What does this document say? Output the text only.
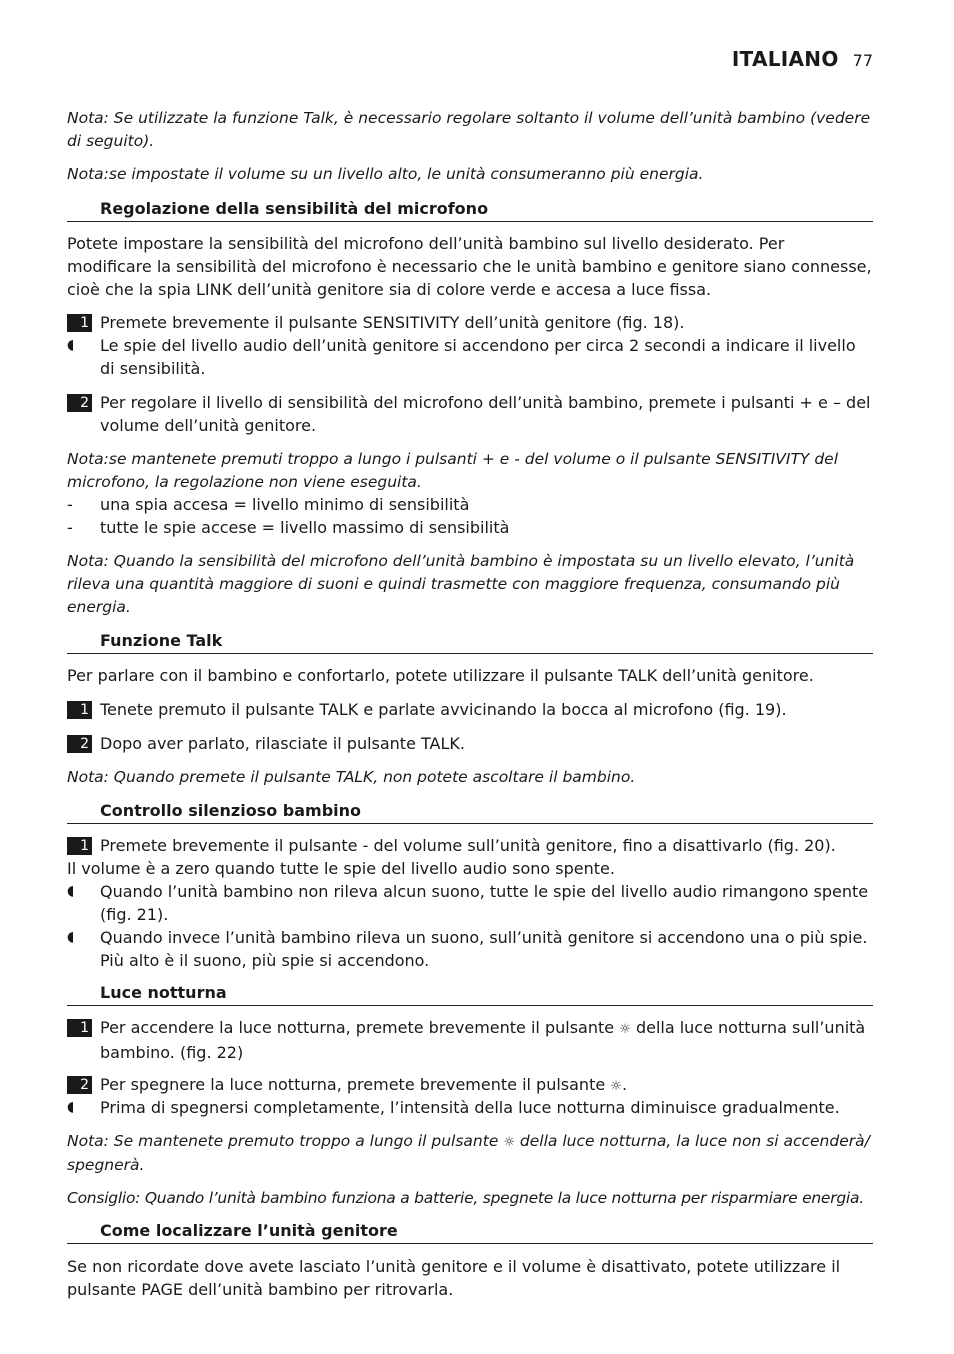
ITALIANO 77
Nota: Se utilizzate la funzione Talk, è necessario regolare soltanto il volume dell’unità bambino (vedere di seguito).
Nota:se impostate il volume su un livello alto, le unità consumeranno più energia.
Regolazione della sensibilità del microfono
Potete impostare la sensibilità del microfono dell’unità bambino sul livello desiderato. Per modificare la sensibilità del microfono è necessario che le unità bambino e genitore siano connesse, cioè che la spia LINK dell’unità genitore sia di colore verde e accesa a luce fissa.
1 Premete brevemente il pulsante SENSITIVITY dell’unità genitore (fig. 18).
◖ Le spie del livello audio dell’unità genitore si accendono per circa 2 secondi a indicare il livello di sensibilità.
2 Per regolare il livello di sensibilità del microfono dell’unità bambino, premete i pulsanti + e – del volume dell’unità genitore.
Nota:se mantenete premuti troppo a lungo i pulsanti + e - del volume o il pulsante SENSITIVITY del microfono, la regolazione non viene eseguita.
- una spia accesa = livello minimo di sensibilità
- tutte le spie accese = livello massimo di sensibilità
Nota: Quando la sensibilità del microfono dell’unità bambino è impostata su un livello elevato, l’unità rileva una quantità maggiore di suoni e quindi trasmette con maggiore frequenza, consumando più energia.
Funzione Talk
Per parlare con il bambino e confortarlo, potete utilizzare il pulsante TALK dell’unità genitore.
1 Tenete premuto il pulsante TALK e parlate avvicinando la bocca al microfono (fig. 19).
2 Dopo aver parlato, rilasciate il pulsante TALK.
Nota: Quando premete il pulsante TALK, non potete ascoltare il bambino.
Controllo silenzioso bambino
1 Premete brevemente il pulsante - del volume sull’unità genitore, fino a disattivarlo (fig. 20).
Il volume è a zero quando tutte le spie del livello audio sono spente.
◖ Quando l’unità bambino non rileva alcun suono, tutte le spie del livello audio rimangono spente (fig. 21).
◖ Quando invece l’unità bambino rileva un suono, sull’unità genitore si accendono una o più spie. Più alto è il suono, più spie si accendono.
Luce notturna
1 Per accendere la luce notturna, premete brevemente il pulsante ☼ della luce notturna sull’unità bambino. (fig. 22)
2 Per spegnere la luce notturna, premete brevemente il pulsante ☼.
◖ Prima di spegnersi completamente, l’intensità della luce notturna diminuisce gradualmente.
Nota: Se mantenete premuto troppo a lungo il pulsante ☼ della luce notturna, la luce non si accenderà/ spegnerà.
Consiglio: Quando l’unità bambino funziona a batterie, spegnete la luce notturna per risparmiare energia.
Come localizzare l’unità genitore
Se non ricordate dove avete lasciato l’unità genitore e il volume è disattivato, potete utilizzare il pulsante PAGE dell’unità bambino per ritrovarla.
